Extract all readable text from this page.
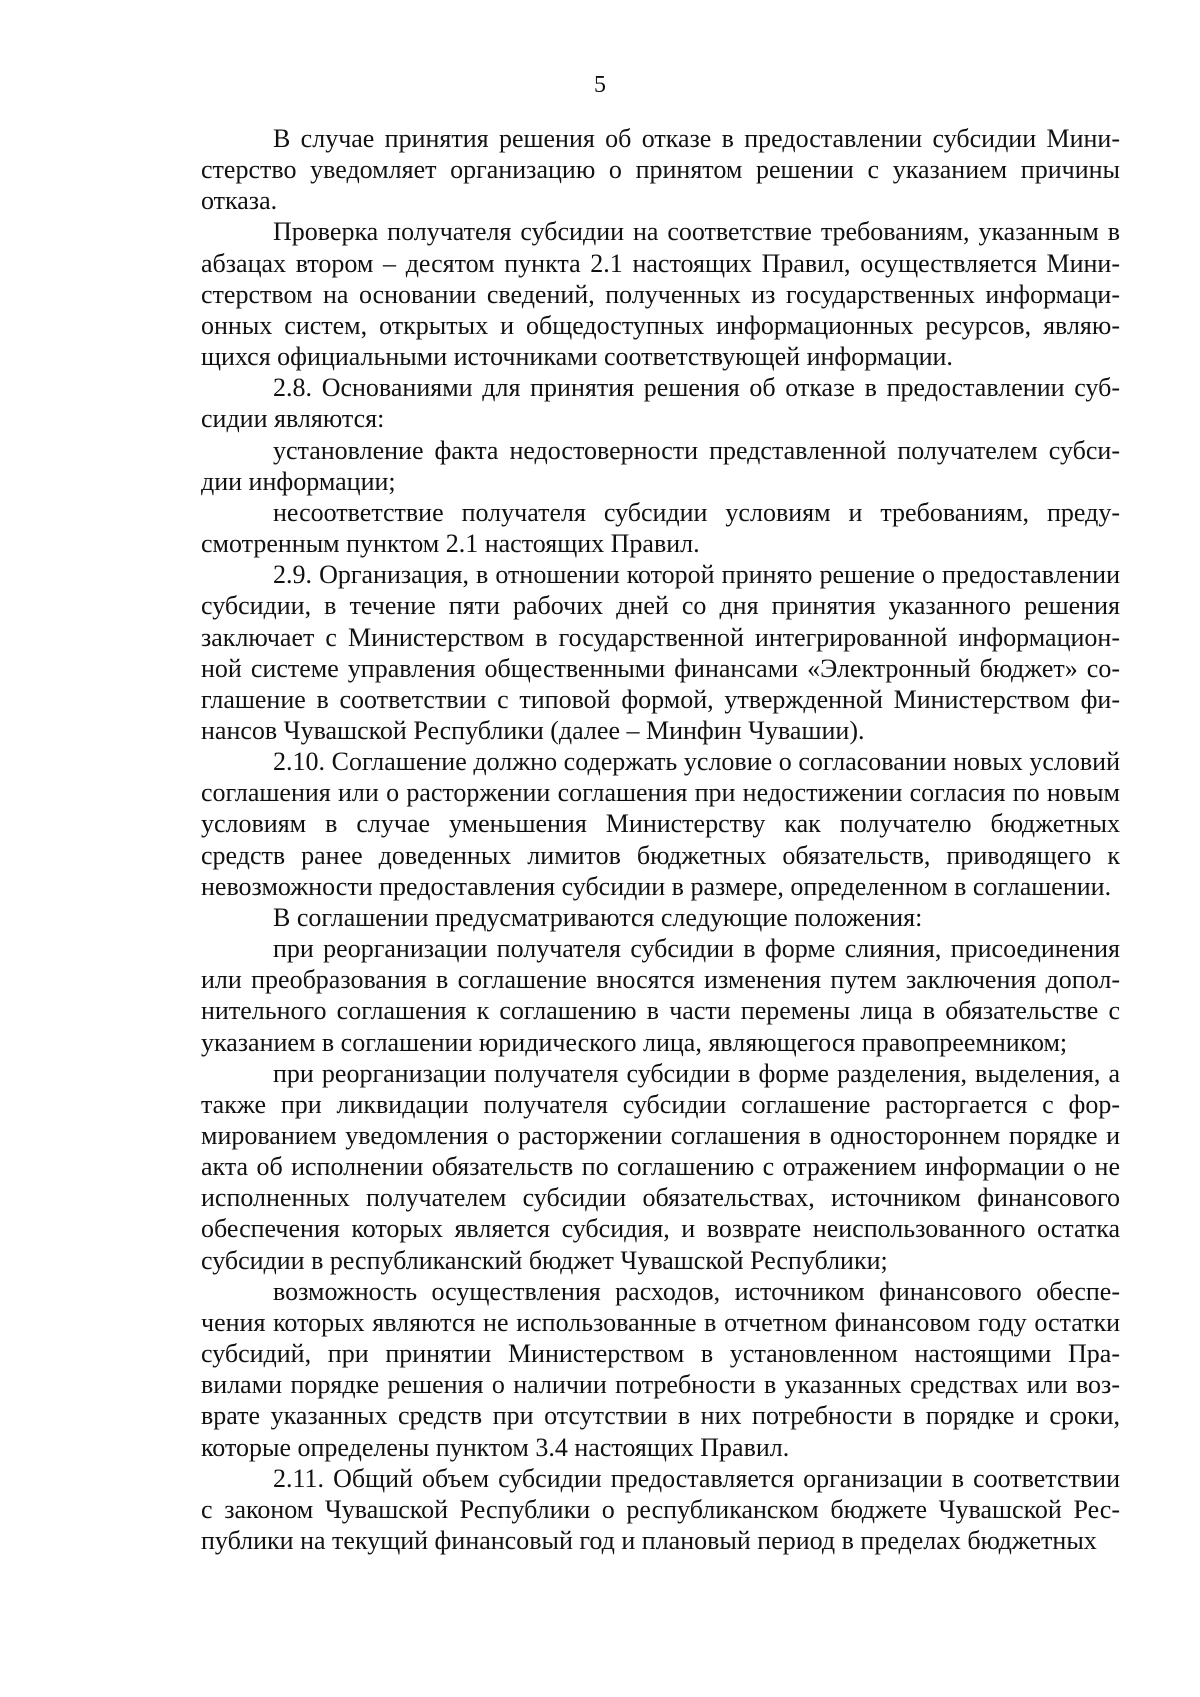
5

В случае принятия решения об отказе в предоставлении субсидии Министерство уведомляет организацию о принятом решении с указанием причины отказа.

Проверка получателя субсидии на соответствие требованиям, указанным в абзацах втором – десятом пункта 2.1 настоящих Правил, осуществляется Министерством на основании сведений, полученных из государственных информационных систем, открытых и общедоступных информационных ресурсов, являющихся официальными источниками соответствующей информации.

2.8. Основаниями для принятия решения об отказе в предоставлении субсидии являются:

установление факта недостоверности представленной получателем субсидии информации;

несоответствие получателя субсидии условиям и требованиям, предусмотренным пунктом 2.1 настоящих Правил.

2.9. Организация, в отношении которой принято решение о предоставлении субсидии, в течение пяти рабочих дней со дня принятия указанного решения заключает с Министерством в государственной интегрированной информационной системе управления общественными финансами «Электронный бюджет» соглашение в соответствии с типовой формой, утвержденной Министерством финансов Чувашской Республики (далее – Минфин Чувашии).

2.10. Соглашение должно содержать условие о согласовании новых условий соглашения или о расторжении соглашения при недостижении согласия по новым условиям в случае уменьшения Министерству как получателю бюджетных средств ранее доведенных лимитов бюджетных обязательств, приводящего к невозможности предоставления субсидии в размере, определенном в соглашении.

В соглашении предусматриваются следующие положения:

при реорганизации получателя субсидии в форме слияния, присоединения или преобразования в соглашение вносятся изменения путем заключения дополнительного соглашения к соглашению в части перемены лица в обязательстве с указанием в соглашении юридического лица, являющегося правопреемником;

при реорганизации получателя субсидии в форме разделения, выделения, а также при ликвидации получателя субсидии соглашение расторгается с формированием уведомления о расторжении соглашения в одностороннем порядке и акта об исполнении обязательств по соглашению с отражением информации о не исполненных получателем субсидии обязательствах, источником финансового обеспечения которых является субсидия, и возврате неиспользованного остатка субсидии в республиканский бюджет Чувашской Республики;

возможность осуществления расходов, источником финансового обеспечения которых являются не использованные в отчетном финансовом году остатки субсидий, при принятии Министерством в установленном настоящими Правилами порядке решения о наличии потребности в указанных средствах или возврате указанных средств при отсутствии в них потребности в порядке и сроки, которые определены пунктом 3.4 настоящих Правил.

2.11. Общий объем субсидии предоставляется организации в соответствии с законом Чувашской Республики о республиканском бюджете Чувашской Республики на текущий финансовый год и плановый период в пределах бюджетных
